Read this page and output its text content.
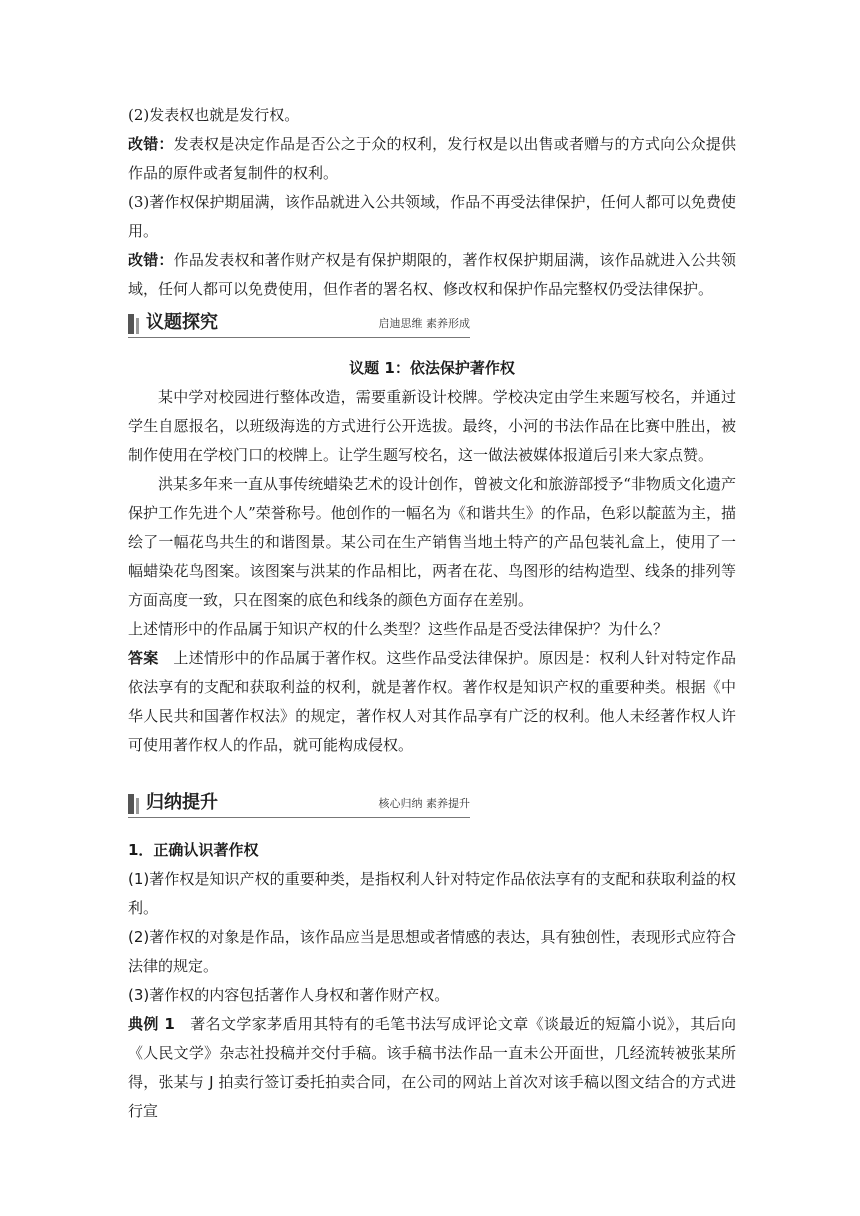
(2)发表权也就是发行权。

改错：发表权是决定作品是否公之于众的权利，发行权是以出售或者赠与的方式向公众提供作品的原件或者复制件的权利。

(3)著作权保护期届满，该作品就进入公共领域，作品不再受法律保护，任何人都可以免费使用。

改错：作品发表权和著作财产权是有保护期限的，著作权保护期届满，该作品就进入公共领域，任何人都可以免费使用，但作者的署名权、修改权和保护作品完整权仍受法律保护。

议题探究	启迪思维 素养形成

议题 1：依法保护著作权

某中学对校园进行整体改造，需要重新设计校牌。学校决定由学生来题写校名，并通过学生自愿报名，以班级海选的方式进行公开选拔。最终，小河的书法作品在比赛中胜出，被制作使用在学校门口的校牌上。让学生题写校名，这一做法被媒体报道后引来大家点赞。

洪某多年来一直从事传统蜡染艺术的设计创作，曾被文化和旅游部授予“非物质文化遗产保护工作先进个人”荣誉称号。他创作的一幅名为《和谐共生》的作品，色彩以靛蓝为主，描绘了一幅花鸟共生的和谐图景。某公司在生产销售当地土特产的产品包装礼盒上，使用了一幅蜡染花鸟图案。该图案与洪某的作品相比，两者在花、鸟图形的结构造型、线条的排列等方面高度一致，只在图案的底色和线条的颜色方面存在差别。

上述情形中的作品属于知识产权的什么类型？这些作品是否受法律保护？为什么？

答案 上述情形中的作品属于著作权。这些作品受法律保护。原因是：权利人针对特定作品依法享有的支配和获取利益的权利，就是著作权。著作权是知识产权的重要种类。根据《中华人民共和国著作权法》的规定，著作权人对其作品享有广泛的权利。他人未经著作权人许可使用著作权人的作品，就可能构成侵权。

归纳提升	核心归纳 素养提升

1．正确认识著作权

(1)著作权是知识产权的重要种类，是指权利人针对特定作品依法享有的支配和获取利益的权利。

(2)著作权的对象是作品，该作品应当是思想或者情感的表达，具有独创性，表现形式应符合法律的规定。

(3)著作权的内容包括著作人身权和著作财产权。

典例 1 著名文学家茅盾用其特有的毛笔书法写成评论文章《谈最近的短篇小说》，其后向《人民文学》杂志社投稿并交付手稿。该手稿书法作品一直未公开面世，几经流转被张某所得，张某与 J 拍卖行签订委托拍卖合同，在公司的网站上首次对该手稿以图文结合的方式进行宣
